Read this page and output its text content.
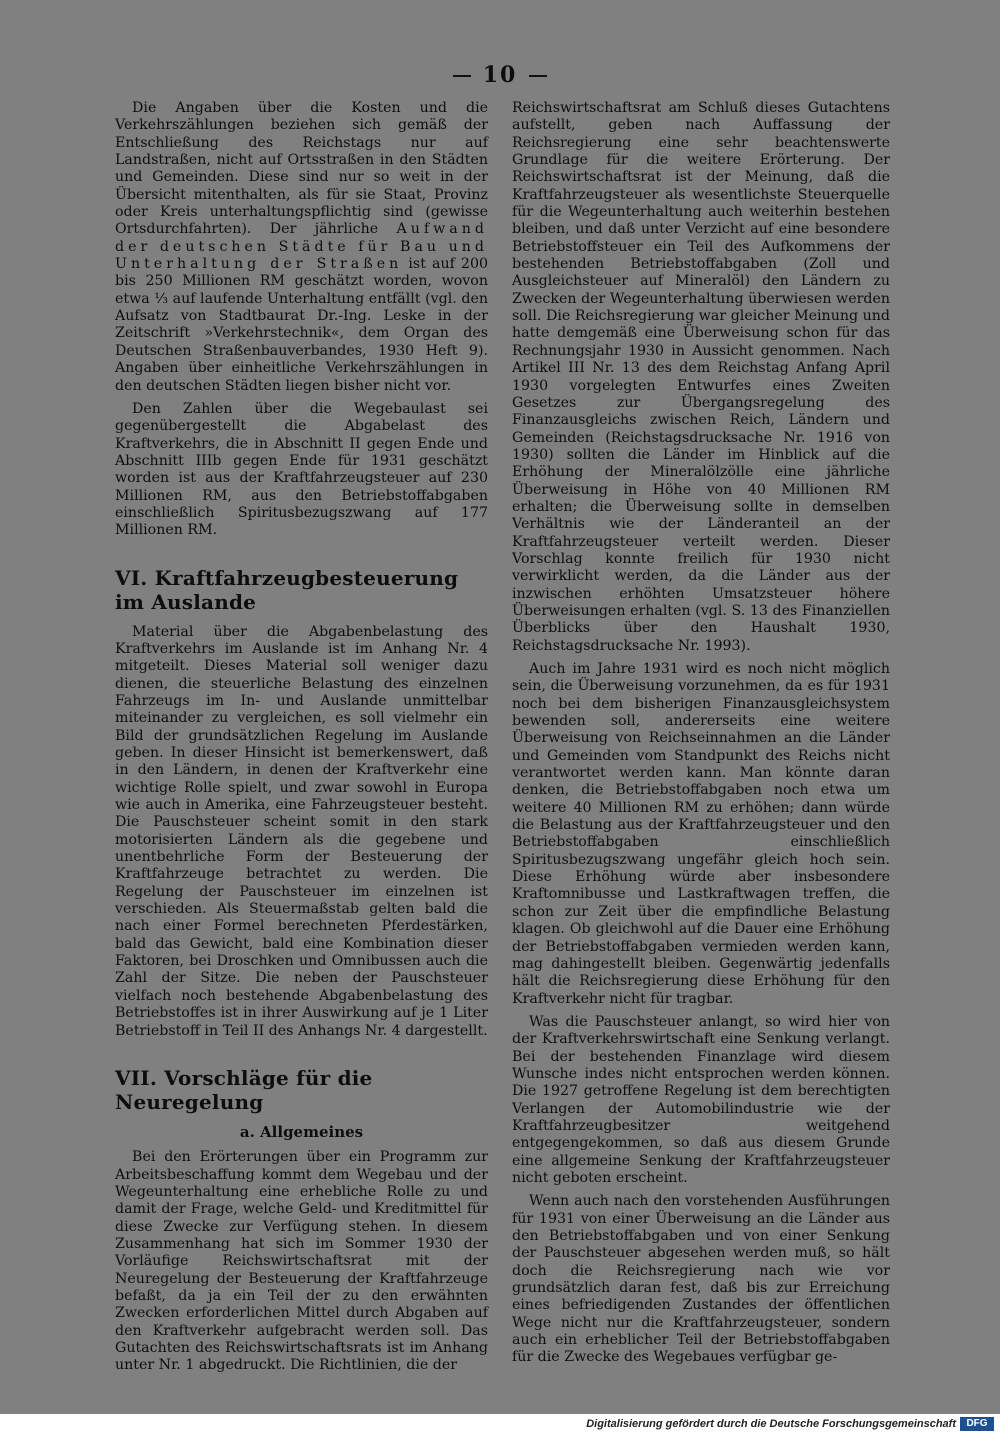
10

Die Angaben über die Kosten und die Verkehrszählungen beziehen sich gemäß der Entschließung des Reichstags nur auf Landstraßen, nicht auf Ortsstraßen in den Städten und Gemeinden. Diese sind nur so weit in der Übersicht mitenthalten, als für sie Staat, Provinz oder Kreis unterhaltungspflichtig sind (gewisse Ortsdurchfahrten). Der jährliche Aufwand der deutschen Städte für Bau und Unterhaltung der Straßen ist auf 200 bis 250 Millionen RM geschätzt worden, wovon etwa ⅓ auf laufende Unterhaltung entfällt (vgl. den Aufsatz von Stadtbaurat Dr.-Ing. Leske in der Zeitschrift »Verkehrstechnik«, dem Organ des Deutschen Straßenbauverbandes, 1930 Heft 9). Angaben über einheitliche Verkehrszählungen in den deutschen Städten liegen bisher nicht vor.

Den Zahlen über die Wegebaulast sei gegenübergestellt die Abgabelast des Kraftverkehrs, die in Abschnitt II gegen Ende und Abschnitt IIIb gegen Ende für 1931 geschätzt worden ist aus der Kraftfahrzeugsteuer auf 230 Millionen RM, aus den Betriebstoffabgaben einschließlich Spiritusbezugszwang auf 177 Millionen RM.

VI. Kraftfahrzeugbesteuerung im Auslande

Material über die Abgabenbelastung des Kraftverkehrs im Auslande ist im Anhang Nr. 4 mitgeteilt. Dieses Material soll weniger dazu dienen, die steuerliche Belastung des einzelnen Fahrzeugs im In- und Auslande unmittelbar miteinander zu vergleichen, es soll vielmehr ein Bild der grundsätzlichen Regelung im Auslande geben. In dieser Hinsicht ist bemerkenswert, daß in den Ländern, in denen der Kraftverkehr eine wichtige Rolle spielt, und zwar sowohl in Europa wie auch in Amerika, eine Fahrzeugsteuer besteht. Die Pauschsteuer scheint somit in den stark motorisierten Ländern als die gegebene und unentbehrliche Form der Besteuerung der Kraftfahrzeuge betrachtet zu werden. Die Regelung der Pauschsteuer im einzelnen ist verschieden. Als Steuermaßstab gelten bald die nach einer Formel berechneten Pferdestärken, bald das Gewicht, bald eine Kombination dieser Faktoren, bei Droschken und Omnibussen auch die Zahl der Sitze. Die neben der Pauschsteuer vielfach noch bestehende Abgabenbelastung des Betriebstoffes ist in ihrer Auswirkung auf je 1 Liter Betriebstoff in Teil II des Anhangs Nr. 4 dargestellt.

VII. Vorschläge für die Neuregelung
a. Allgemeines

Bei den Erörterungen über ein Programm zur Arbeitsbeschaffung kommt dem Wegebau und der Wegeunterhaltung eine erhebliche Rolle zu und damit der Frage, welche Geld- und Kreditmittel für diese Zwecke zur Verfügung stehen. In diesem Zusammenhang hat sich im Sommer 1930 der Vorläufige Reichswirtschaftsrat mit der Neuregelung der Besteuerung der Kraftfahrzeuge befaßt, da ja ein Teil der zu den erwähnten Zwecken erforderlichen Mittel durch Abgaben auf den Kraftverkehr aufgebracht werden soll. Das Gutachten des Reichswirtschaftsrats ist im Anhang unter Nr. 1 abgedruckt. Die Richtlinien, die der

Reichswirtschaftsrat am Schluß dieses Gutachtens aufstellt, geben nach Auffassung der Reichsregierung eine sehr beachtenswerte Grundlage für die weitere Erörterung. Der Reichswirtschaftsrat ist der Meinung, daß die Kraftfahrzeugsteuer als wesentlichste Steuerquelle für die Wegeunterhaltung auch weiterhin bestehen bleiben, und daß unter Verzicht auf eine besondere Betriebstoffsteuer ein Teil des Aufkommens der bestehenden Betriebstoffabgaben (Zoll und Ausgleichsteuer auf Mineralöl) den Ländern zu Zwecken der Wegeunterhaltung überwiesen werden soll. Die Reichsregierung war gleicher Meinung und hatte demgemäß eine Überweisung schon für das Rechnungsjahr 1930 in Aussicht genommen. Nach Artikel III Nr. 13 des dem Reichstag Anfang April 1930 vorgelegten Entwurfes eines Zweiten Gesetzes zur Übergangsregelung des Finanzausgleichs zwischen Reich, Ländern und Gemeinden (Reichstagsdrucksache Nr. 1916 von 1930) sollten die Länder im Hinblick auf die Erhöhung der Mineralölzölle eine jährliche Überweisung in Höhe von 40 Millionen RM erhalten; die Überweisung sollte in demselben Verhältnis wie der Länderanteil an der Kraftfahrzeugsteuer verteilt werden. Dieser Vorschlag konnte freilich für 1930 nicht verwirklicht werden, da die Länder aus der inzwischen erhöhten Umsatzsteuer höhere Überweisungen erhalten (vgl. S. 13 des Finanziellen Überblicks über den Haushalt 1930, Reichstagsdrucksache Nr. 1993).

Auch im Jahre 1931 wird es noch nicht möglich sein, die Überweisung vorzunehmen, da es für 1931 noch bei dem bisherigen Finanzausgleichsystem bewenden soll, andererseits eine weitere Überweisung von Reichseinnahmen an die Länder und Gemeinden vom Standpunkt des Reichs nicht verantwortet werden kann. Man könnte daran denken, die Betriebstoffabgaben noch etwa um weitere 40 Millionen RM zu erhöhen; dann würde die Belastung aus der Kraftfahrzeugsteuer und den Betriebstoffabgaben einschließlich Spiritusbezugszwang ungefähr gleich hoch sein. Diese Erhöhung würde aber insbesondere Kraftomnibusse und Lastkraftwagen treffen, die schon zur Zeit über die empfindliche Belastung klagen. Ob gleichwohl auf die Dauer eine Erhöhung der Betriebstoffabgaben vermieden werden kann, mag dahingestellt bleiben. Gegenwärtig jedenfalls hält die Reichsregierung diese Erhöhung für den Kraftverkehr nicht für tragbar.

Was die Pauschsteuer anlangt, so wird hier von der Kraftverkehrswirtschaft eine Senkung verlangt. Bei der bestehenden Finanzlage wird diesem Wunsche indes nicht entsprochen werden können. Die 1927 getroffene Regelung ist dem berechtigten Verlangen der Automobilindustrie wie der Kraftfahrzeugbesitzer weitgehend entgegengekommen, so daß aus diesem Grunde eine allgemeine Senkung der Kraftfahrzeugsteuer nicht geboten erscheint.

Wenn auch nach den vorstehenden Ausführungen für 1931 von einer Überweisung an die Länder aus den Betriebstoffabgaben und von einer Senkung der Pauschsteuer abgesehen werden muß, so hält doch die Reichsregierung nach wie vor grundsätzlich daran fest, daß bis zur Erreichung eines befriedigenden Zustandes der öffentlichen Wege nicht nur die Kraftfahrzeugsteuer, sondern auch ein erheblicher Teil der Betriebstoffabgaben für die Zwecke des Wegebaues verfügbar ge-

Digitalisierung gefördert durch die Deutsche Forschungsgemeinschaft	DFG
